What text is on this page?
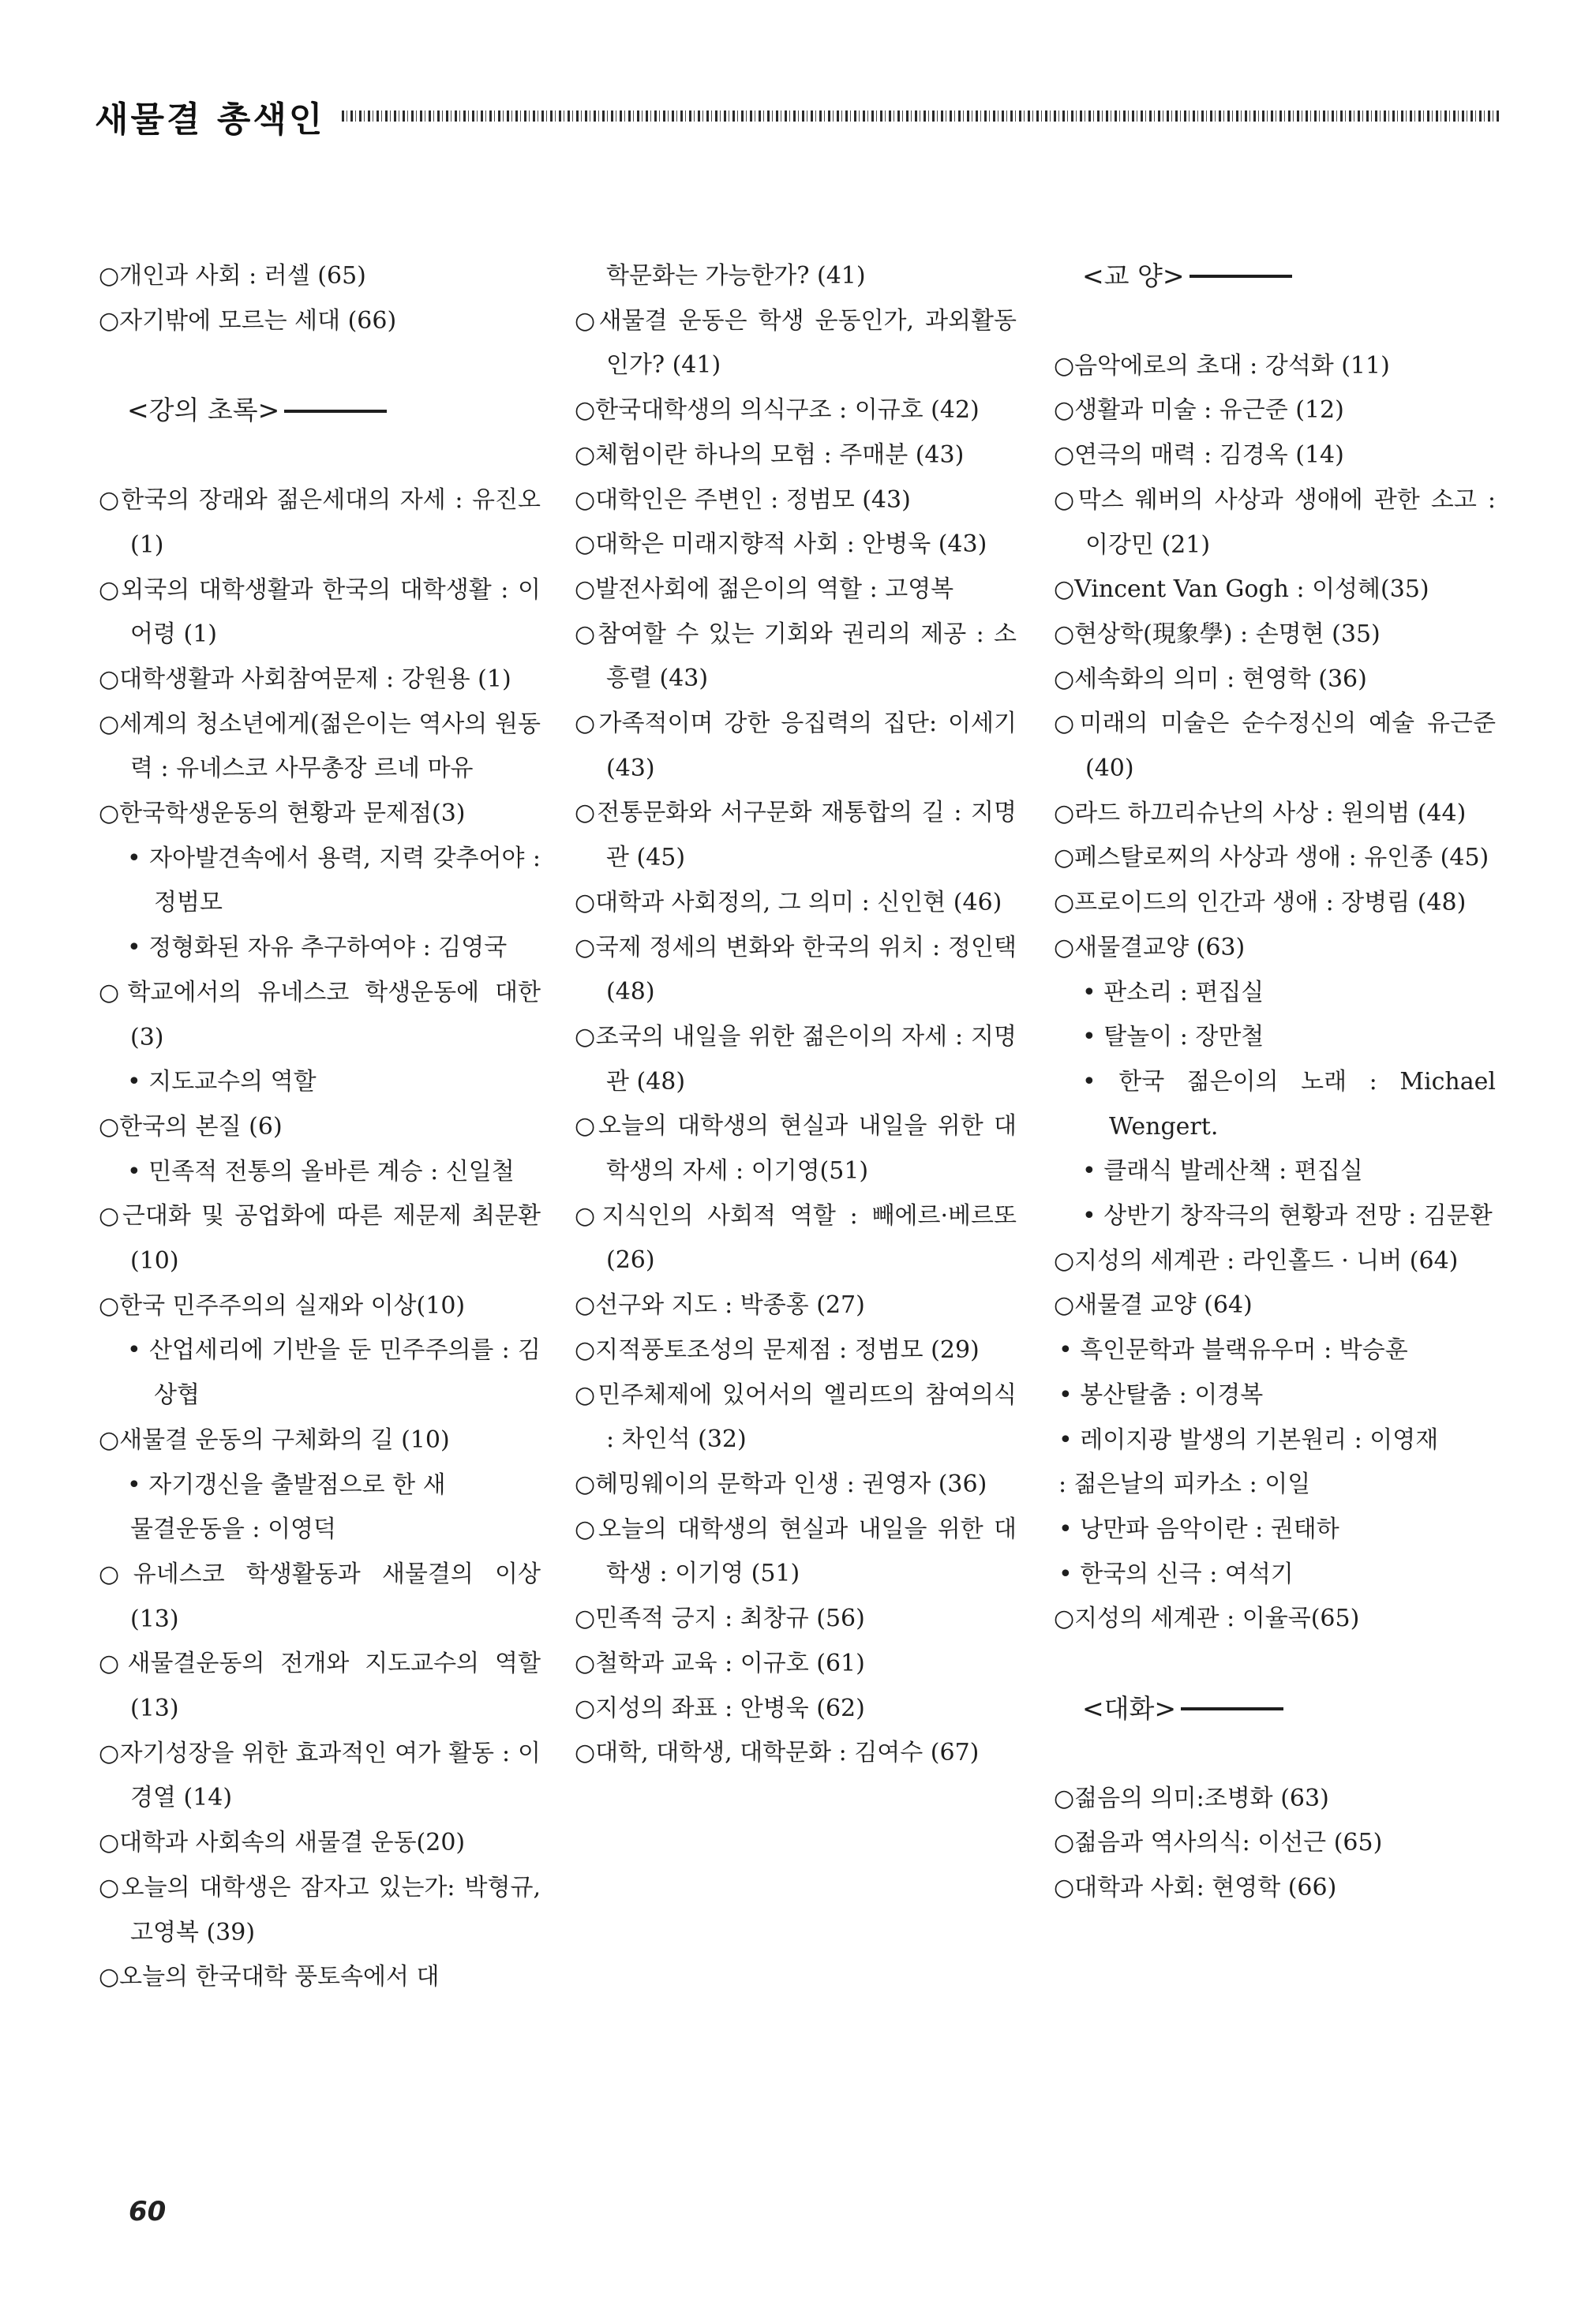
새물결 총색인

○개인과 사회 : 러셀 (65)

○자기밖에 모르는 세대 (66)

<강의 초록>

○한국의 장래와 젊은세대의 자세 : 유진오 (1)

○외국의 대학생활과 한국의 대학생활 : 이어령 (1)

○대학생활과 사회참여문제 : 강원용 (1)

○세계의 청소년에게(젊은이는 역사의 원동력 : 유네스코 사무총장 르네 마유

○한국학생운동의 현황과 문제점(3)

• 자아발견속에서 용력, 지력 갖추어야 : 정범모

• 정형화된 자유 추구하여야 : 김영국

○학교에서의 유네스코 학생운동에 대한 (3)

• 지도교수의 역할

○한국의 본질 (6)

• 민족적 전통의 올바른 계승 : 신일철

○근대화 및 공업화에 따른 제문제 최문환 (10)

○한국 민주주의의 실재와 이상(10)

• 산업세리에 기반을 둔 민주주의를 : 김상협

○새물결 운동의 구체화의 길 (10)

• 자기갱신을 출발점으로 한 새

물결운동을 : 이영덕

○유네스코 학생활동과 새물결의 이상 (13)

○새물결운동의 전개와 지도교수의 역할 (13)

○자기성장을 위한 효과적인 여가 활동 : 이경열 (14)

○대학과 사회속의 새물결 운동(20)

○오늘의 대학생은 잠자고 있는가: 박형규, 고영복 (39)

○오늘의 한국대학 풍토속에서 대

학문화는 가능한가? (41)

○새물결 운동은 학생 운동인가, 과외활동인가? (41)

○한국대학생의 의식구조 : 이규호 (42)

○체험이란 하나의 모험 : 주매분 (43)

○대학인은 주변인 : 정범모 (43)

○대학은 미래지향적 사회 : 안병욱 (43)

○발전사회에 젊은이의 역할 : 고영복

○참여할 수 있는 기회와 권리의 제공 : 소흥렬 (43)

○가족적이며 강한 응집력의 집단: 이세기 (43)

○전통문화와 서구문화 재통합의 길 : 지명관 (45)

○대학과 사회정의, 그 의미 : 신인현 (46)

○국제 정세의 변화와 한국의 위치 : 정인택 (48)

○조국의 내일을 위한 젊은이의 자세 : 지명관 (48)

○오늘의 대학생의 현실과 내일을 위한 대학생의 자세 : 이기영(51)

○지식인의 사회적 역할 : 빼에르·베르또 (26)

○선구와 지도 : 박종홍 (27)

○지적풍토조성의 문제점 : 정범모 (29)

○민주체제에 있어서의 엘리뜨의 참여의식 : 차인석 (32)

○헤밍웨이의 문학과 인생 : 권영자 (36)

○오늘의 대학생의 현실과 내일을 위한 대학생 : 이기영 (51)

○민족적 긍지 : 최창규 (56)

○철학과 교육 : 이규호 (61)

○지성의 좌표 : 안병욱 (62)

○대학, 대학생, 대학문화 : 김여수 (67)

<교 양>

○음악에로의 초대 : 강석화 (11)

○생활과 미술 : 유근준 (12)

○연극의 매력 : 김경옥 (14)

○막스 웨버의 사상과 생애에 관한 소고 : 이강민 (21)

○Vincent Van Gogh : 이성혜(35)

○현상학(現象學) : 손명현 (35)

○세속화의 의미 : 현영학 (36)

○미래의 미술은 순수정신의 예술 유근준 (40)

○라드 하끄리슈난의 사상 : 원의범 (44)

○페스탈로찌의 사상과 생애 : 유인종 (45)

○프로이드의 인간과 생애 : 장병림 (48)

○새물결교양 (63)

• 판소리 : 편집실

• 탈놀이 : 장만철

• 한국 젊은이의 노래 : Michael Wengert.

• 클래식 발레산책 : 편집실

• 상반기 창작극의 현황과 전망 : 김문환

○지성의 세계관 : 라인홀드 · 니버 (64)

○새물결 교양 (64)

• 흑인문학과 블랙유우머 : 박승훈

• 봉산탈춤 : 이경복

• 레이지광 발생의 기본원리 : 이영재

: 젊은날의 피카소 : 이일

• 낭만파 음악이란 : 권태하

• 한국의 신극 : 여석기

○지성의 세계관 : 이율곡(65)

<대화>

○젊음의 의미:조병화 (63)

○젊음과 역사의식: 이선근 (65)

○대학과 사회: 현영학 (66)

60
